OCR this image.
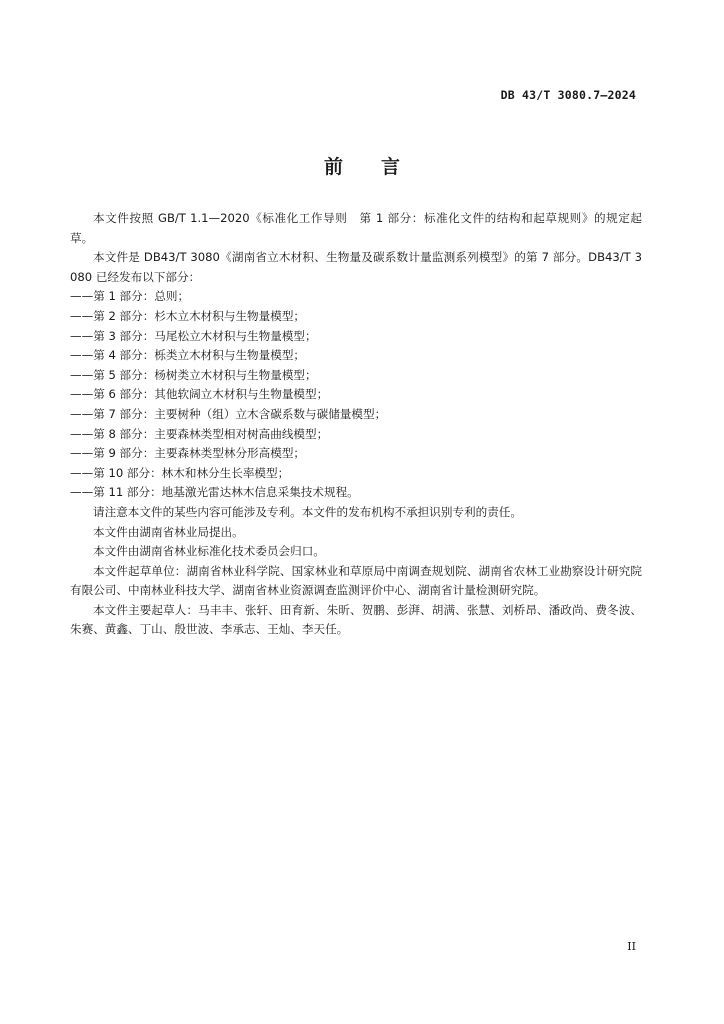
DB 43/T 3080.7—2024
前言

本文件按照 GB/T 1.1—2020《标准化工作导则　第 1 部分：标准化文件的结构和起草规则》的规定起草。

本文件是 DB43/T 3080《湖南省立木材积、生物量及碳系数计量监测系列模型》的第 7 部分。DB43/T 3080 已经发布以下部分：

——第 1 部分：总则；

——第 2 部分：杉木立木材积与生物量模型；

——第 3 部分：马尾松立木材积与生物量模型；

——第 4 部分：栎类立木材积与生物量模型；

——第 5 部分：杨树类立木材积与生物量模型；

——第 6 部分：其他软阔立木材积与生物量模型；

——第 7 部分：主要树种（组）立木含碳系数与碳储量模型；

——第 8 部分：主要森林类型相对树高曲线模型；

——第 9 部分：主要森林类型林分形高模型；

——第 10 部分：林木和林分生长率模型；

——第 11 部分：地基激光雷达林木信息采集技术规程。

请注意本文件的某些内容可能涉及专利。本文件的发布机构不承担识别专利的责任。

本文件由湖南省林业局提出。

本文件由湖南省林业标准化技术委员会归口。

本文件起草单位：湖南省林业科学院、国家林业和草原局中南调查规划院、湖南省农林工业勘察设计研究院有限公司、中南林业科技大学、湖南省林业资源调查监测评价中心、湖南省计量检测研究院。

本文件主要起草人：马丰丰、张轩、田育新、朱昕、贺鹏、彭湃、胡满、张慧、刘桥昂、潘政尚、费冬波、朱赛、黄鑫、丁山、殷世波、李承志、王灿、李天任。

II
